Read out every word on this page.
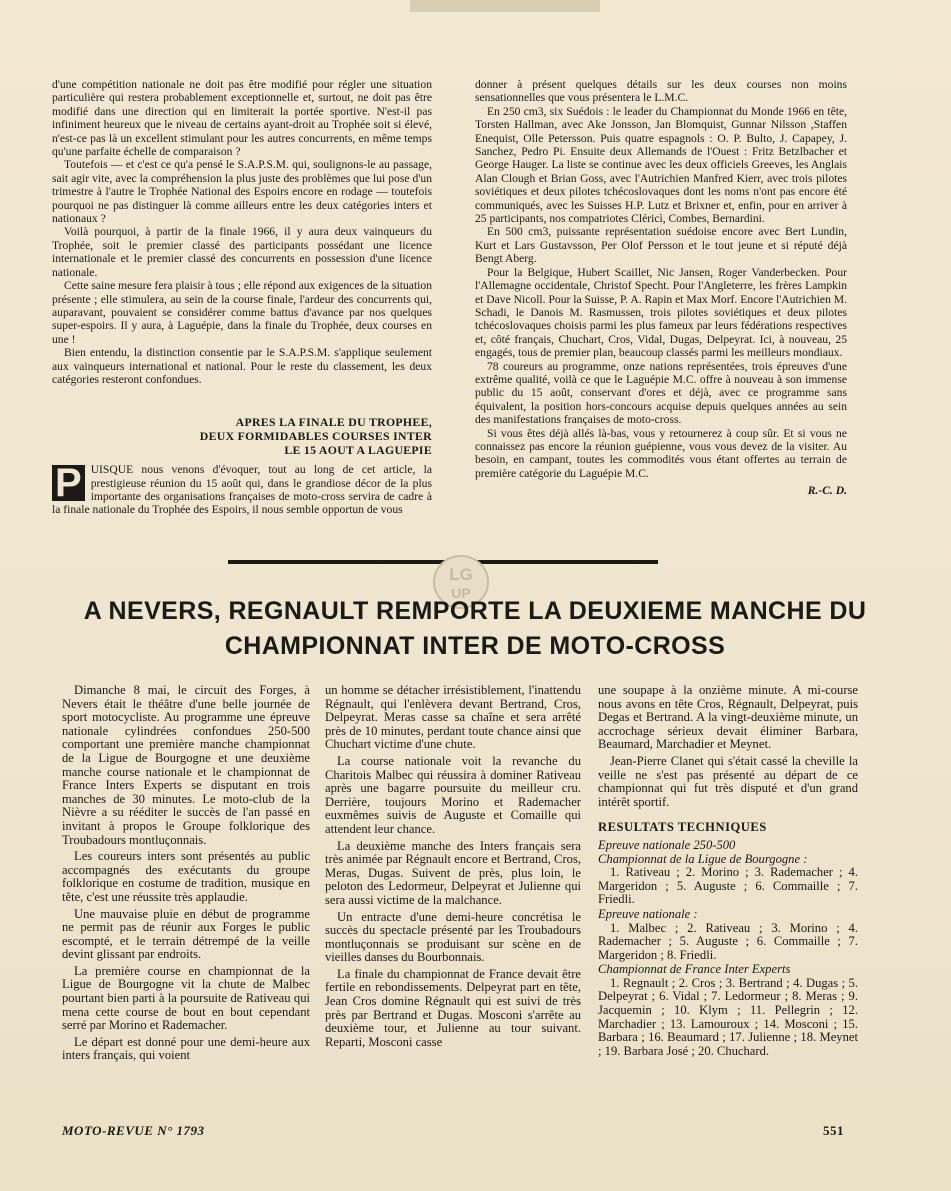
d'une compétition nationale ne doit pas être modifié pour régler une situation particulière qui restera probablement exceptionnelle et, surtout, ne doit pas être modifié dans une direction qui en limiterait la portée sportive. N'est-il pas infiniment heureux que le niveau de certains ayant-droit au Trophée soit si élevé, n'est-ce pas là un excellent stimulant pour les autres concurrents, en même temps qu'une parfaite échelle de comparaison ?

Toutefois — et c'est ce qu'a pensé le S.A.P.S.M. qui, soulignons-le au passage, sait agir vite, avec la compréhension la plus juste des problèmes que lui pose d'un trimestre à l'autre le Trophée National des Espoirs encore en rodage — toutefois pourquoi ne pas distinguer là comme ailleurs entre les deux catégories inters et nationaux ?

Voilà pourquoi, à partir de la finale 1966, il y aura deux vainqueurs du Trophée, soit le premier classé des participants possédant une licence internationale et le premier classé des concurrents en possession d'une licence nationale.

Cette saine mesure fera plaisir à tous ; elle répond aux exigences de la situation présente ; elle stimulera, au sein de la course finale, l'ardeur des concurrents qui, auparavant, pouvaient se considérer comme battus d'avance par nos quelques super-espoirs. Il y aura, à Laguépie, dans la finale du Trophée, deux courses en une !

Bien entendu, la distinction consentie par le S.A.P.S.M. s'applique seulement aux vainqueurs international et national. Pour le reste du classement, les deux catégories resteront confondues.

APRES LA FINALE DU TROPHEE,
DEUX FORMIDABLES COURSES INTER
LE 15 AOUT A LAGUEPIE

P UISQUE nous venons d'évoquer, tout au long de cet article, la prestigieuse réunion du 15 août qui, dans le grandiose décor de la plus importante des organisations françaises de moto-cross servira de cadre à la finale nationale du Trophée des Espoirs, il nous semble opportun de vous

donner à présent quelques détails sur les deux courses non moins sensationnelles que vous présentera le L.M.C.

En 250 cm3, six Suédois : le leader du Championnat du Monde 1966 en tête, Torsten Hallman, avec Ake Jonsson, Jan Blomquist, Gunnar Nilsson ,Staffen Enequist, Olle Petersson. Puis quatre espagnols : O. P. Bulto, J. Capapey, J. Sanchez, Pedro Pi. Ensuite deux Allemands de l'Ouest : Fritz Betzlbacher et George Hauger. La liste se continue avec les deux officiels Greeves, les Anglais Alan Clough et Brian Goss, avec l'Autrichien Manfred Kierr, avec trois pilotes soviétiques et deux pilotes tchécoslovaques dont les noms n'ont pas encore été communiqués, avec les Suisses H.P. Lutz et Brixner et, enfin, pour en arriver à 25 participants, nos compatriotes Cléricì, Combes, Bernardini.

En 500 cm3, puissante représentation suédoise encore avec Bert Lundin, Kurt et Lars Gustavsson, Per Olof Persson et le tout jeune et si réputé déjà Bengt Aberg.

Pour la Belgique, Hubert Scaillet, Nic Jansen, Roger Vanderbecken. Pour l'Allemagne occidentale, Christof Specht. Pour l'Angleterre, les frères Lampkin et Dave Nicoll. Pour la Suisse, P. A. Rapin et Max Morf. Encore l'Autrichien M. Schadi, le Danois M. Rasmussen, trois pilotes soviétiques et deux pilotes tchécoslovaques choisis parmi les plus fameux par leurs fédérations respectives et, côté français, Chuchart, Cros, Vidal, Dugas, Delpeyrat. Ici, à nouveau, 25 engagés, tous de premier plan, beaucoup classés parmi les meilleurs mondiaux.

78 coureurs au programme, onze nations représentées, trois épreuves d'une extrême qualité, voilà ce que le Laguépie M.C. offre à nouveau à son immense public du 15 août, conservant d'ores et déjà, avec ce programme sans équivalent, la position hors-concours acquise depuis quelques années au sein des manifestations françaises de moto-cross.

Si vous êtes déjà allés là-bas, vous y retournerez à coup sûr. Et si vous ne connaissez pas encore la réunion guépienne, vous vous devez de la visiter. Au besoin, en campant, toutes les commodités vous étant offertes au terrain de première catégorie du Laguépie M.C.

R.-C. D.

LG
UP
A NEVERS, REGNAULT REMPORTE LA DEUXIEME MANCHE DU
CHAMPIONNAT INTER DE MOTO-CROSS

Dimanche 8 mai, le circuit des Forges, à Nevers était le théâtre d'une belle journée de sport motocycliste. Au programme une épreuve nationale cylindrées confondues 250-500 comportant une première manche championnat de la Ligue de Bourgogne et une deuxième manche course nationale et le championnat de France Inters Experts se disputant en trois manches de 30 minutes. Le moto-club de la Nièvre a su rééditer le succès de l'an passé en invitant à propos le Groupe folklorique des Troubadours montluçonnais.

Les coureurs inters sont présentés au public accompagnés des exécutants du groupe folklorique en costume de tradition, musique en tête, c'est une réussite très applaudie.

Une mauvaise pluie en début de programme ne permit pas de réunir aux Forges le public escompté, et le terrain détrempé de la veille devint glissant par endroits.

La première course en championnat de la Ligue de Bourgogne vit la chute de Malbec pourtant bien parti à la poursuite de Rativeau qui mena cette course de bout en bout cependant serré par Morino et Rademacher.

Le départ est donné pour une demi-heure aux inters français, qui voient

un homme se détacher irrésistiblement, l'inattendu Régnault, qui l'enlèvera devant Bertrand, Cros, Delpeyrat. Meras casse sa chaîne et sera arrêté près de 10 minutes, perdant toute chance ainsi que Chuchart victime d'une chute.

La course nationale voit la revanche du Charitois Malbec qui réussira à dominer Rativeau après une bagarre poursuite du meilleur cru. Derrière, toujours Morino et Rademacher euxmêmes suivis de Auguste et Comaille qui attendent leur chance.

La deuxième manche des Inters français sera très animée par Régnault encore et Bertrand, Cros, Meras, Dugas. Suivent de près, plus loin, le peloton des Ledormeur, Delpeyrat et Julienne qui sera aussi victime de la malchance.

Un entracte d'une demi-heure concrétisa le succès du spectacle présenté par les Troubadours montluçonnais se produisant sur scène en de vieilles danses du Bourbonnais.

La finale du championnat de France devait être fertile en rebondissements. Delpeyrat part en tête, Jean Cros domine Régnault qui est suivi de très près par Bertrand et Dugas. Mosconi s'arrête au deuxième tour, et Julienne au tour suivant. Reparti, Mosconi casse

une soupape à la onzième minute. A mi-course nous avons en tête Cros, Régnault, Delpeyrat, puis Degas et Bertrand. A la vingt-deuxième minute, un accrochage sérieux devait éliminer Barbara, Beaumard, Marchadier et Meynet.

Jean-Pierre Clanet qui s'était cassé la cheville la veille ne s'est pas présenté au départ de ce championnat qui fut très disputé et d'un grand intérêt sportif.

RESULTATS TECHNIQUES

Epreuve nationale 250-500

Championnat de la Ligue de Bourgogne :

1. Rativeau ; 2. Morino ; 3. Rademacher ; 4. Margeridon ; 5. Auguste ; 6. Commaille ; 7. Friedli.

Epreuve nationale :

1. Malbec ; 2. Rativeau ; 3. Morino ; 4. Rademacher ; 5. Auguste ; 6. Commaille ; 7. Margeridon ; 8. Friedli.

Championnat de France Inter Experts

1. Regnault ; 2. Cros ; 3. Bertrand ; 4. Dugas ; 5. Delpeyrat ; 6. Vidal ; 7. Ledormeur ; 8. Meras ; 9. Jacquemin ; 10. Klym ; 11. Pellegrin ; 12. Marchadier ; 13. Lamouroux ; 14. Mosconi ; 15. Barbara ; 16. Beaumard ; 17. Julienne ; 18. Meynet ; 19. Barbara José ; 20. Chuchard.

MOTO-REVUE N° 1793	551
